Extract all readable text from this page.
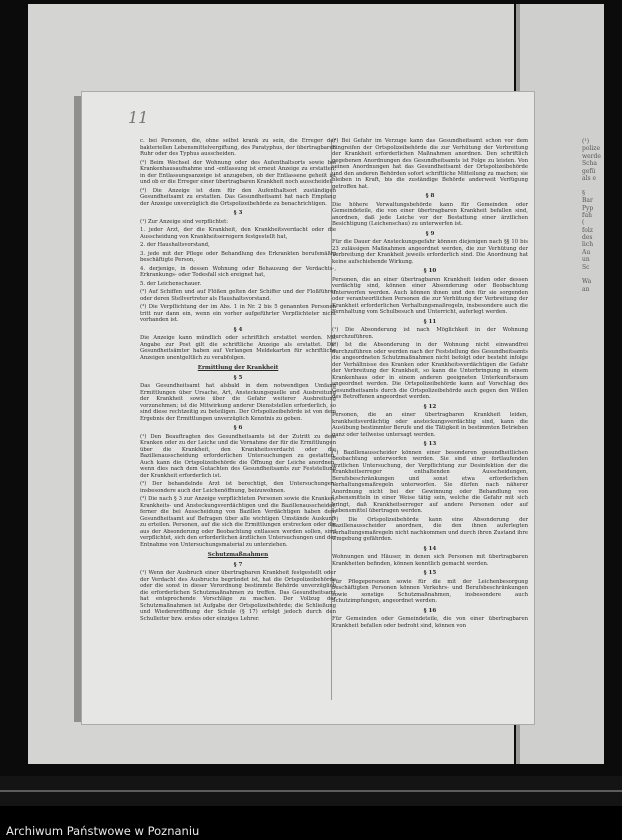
(¹)
polize
werde
Scha
gefü
als e
§
Bar
Pyp
fuh
(
folz
des
lich
Au
un
Sc
Wa
an
11
c. bei Personen, die, ohne selbst krank zu sein, die Erreger der bakteriellen Lebensmittelvergiftung, des Paratyphus, der übertragbaren Ruhr oder des Typhus ausscheiden.
(²) Beim Wechsel der Wohnung oder des Aufenthaltsorts sowie bei Krankenhausaufnahme und -entlassung ist erneut Anzeige zu erstatten; in der Entlassungsanzeige ist anzugeben, ob der Entlassene geheilt ist und ob er die Erreger einer übertragbaren Krankheit noch ausscheidet.
(³) Die Anzeige ist dem für den Aufenthaltsort zuständigen Gesundheitsamt zu erstatten. Das Gesundheitsamt hat nach Empfang der Anzeige unverzüglich die Ortspolizeibehörde zu benachrichtigen.
§ 3
(¹) Zur Anzeige sind verpflichtet:
1. jeder Arzt, der die Krankheit, den Krankheitsverdacht oder die Ausscheidung von Krankheitserregern festgestellt hat,
2. der Haushaltsvorstand,
3. jede mit der Pflege oder Behandlung des Erkrankten berufsmäßig beschäftigte Person,
4. derjenige, in dessen Wohnung oder Behausung der Verdachts-, Erkrankungs- oder Todesfall sich ereignet hat,
5. der Leichenschauer.
(²) Auf Schiffen und auf Flößen gelten der Schiffer und der Floßführer oder deren Stellvertreter als Haushaltsvorstand.
(³) Die Verpflichtung der im Abs. 1 in Nr. 2 bis 5 genannten Personen tritt nur dann ein, wenn ein vorher aufgeführter Verpflichteter nicht vorhanden ist.
§ 4
Die Anzeige kann mündlich oder schriftlich erstattet werden. Mit Angabe zur Post gilt die schriftliche Anzeige als erstattet. Die Gesundheitsämter haben auf Verlangen Meldekarten für schriftliche Anzeigen unentgeltlich zu verabfolgen.
Ermittlung der Krankheit
§ 5
Das Gesundheitsamt hat alsbald in dem notwendigen Umfang Ermittlungen über Ursache, Art, Ansteckungsquelle und Ausbreitung der Krankheit sowie über die Gefahr weiterer Ausbreitung vorzunehmen; ist die Mitwirkung anderer Dienststellen erforderlich, so sind diese rechtzeitig zu beteiligen. Der Ortspolizeibehörde ist von dem Ergebnis der Ermittlungen unverzüglich Kenntnis zu geben.
§ 6
(¹) Den Beauftragten des Gesundheitsamts ist der Zutritt zu dem Kranken oder zu der Leiche und die Vornahme der für die Ermittlungen über die Krankheit, den Krankheitsverdacht oder die Bazillenausscheidung erforderlichen Untersuchungen zu gestatten. Auch kann die Ortspolizeibehörde die Öffnung der Leiche anordnen, wenn dies nach dem Gutachten des Gesundheitsamts zur Feststellung der Krankheit erforderlich ist.
(²) Der behandelnde Arzt ist berechtigt, den Untersuchungen, insbesondere auch der Leichenöffnung, beizuwohnen.
(³) Die nach § 3 zur Anzeige verpflichteten Personen sowie die Kranken, Krankheits- und Ansteckungsverdächtigen und die Bazillenausscheider, ferner die bei Ausscheidung von Bazillen Verdächtigen haben dem Gesundheitsamt auf Befragen über alle wichtigen Umstände Auskunft zu erteilen. Personen, auf die sich die Ermittlungen erstrecken oder die aus der Absonderung oder Beobachtung entlassen werden sollen, sind verpflichtet, sich den erforderlichen ärztlichen Untersuchungen und der Entnahme von Untersuchungsmaterial zu unterziehen.
Schutzmaßnahmen
§ 7
(¹) Wenn der Ausbruch einer übertragbaren Krankheit festgestellt oder der Verdacht des Ausbruchs begründet ist, hat die Ortspolizeibehörde oder die sonst in dieser Verordnung bestimmte Behörde unverzüglich die erforderlichen Schutzmaßnahmen zu treffen. Das Gesundheitsamt hat entsprechende Vorschläge zu machen. Der Vollzug der Schutzmaßnahmen ist Aufgabe der Ortspolizeibehörde; die Schließung und Wiedereröffnung der Schule (§ 17) erfolgt jedoch durch den Schulleiter bzw. erstes oder einziges Lehrer.
(²) Bei Gefahr im Verzuge kann das Gesundheitsamt schon vor dem Eingreifen der Ortspolizeibehörde die zur Verhütung der Verbreitung der Krankheit erforderlichen Maßnahmen anordnen. Den schriftlich gegebenen Anordnungen des Gesundheitsamts ist Folge zu leisten. Von seinen Anordnungen hat das Gesundheitsamt der Ortspolizeibehörde und den anderen Behörden sofort schriftliche Mitteilung zu machen; sie bleiben in Kraft, bis die zuständige Behörde anderweit Verfügung getroffen hat.
§ 8
Die höhere Verwaltungsbehörde kann für Gemeinden oder Gemeindeteile, die von einer übertragbaren Krankheit befallen sind, anordnen, daß jede Leiche vor der Bestattung einer ärztlichen Besichtigung (Leichenschau) zu unterwerfen ist.
§ 9
Für die Dauer der Ansteckungsgefahr können diejenigen nach §§ 10 bis 23 zulässigen Maßnahmen angeordnet werden, die zur Verhütung der Verbreitung der Krankheit jeweils erforderlich sind. Die Anordnung hat keine aufschiebende Wirkung.
§ 10
Personen, die an einer übertragbaren Krankheit leiden oder dessen verdächtig sind, können einer Absonderung oder Beobachtung unterworfen werden. Auch können ihnen und den für sie sorgenden oder verantwortlichen Personen die zur Verhütung der Verbreitung der Krankheit erforderlichen Verhaltungsmaßregeln, insbesondere auch die Fernhaltung vom Schulbesuch und Unterricht, auferlegt werden.
§ 11
(¹) Die Absonderung ist nach Möglichkeit in der Wohnung durchzuführen.
(²) Ist die Absonderung in der Wohnung nicht einwandfrei durchzuführen oder werden nach der Feststellung des Gesundheitsamts die angeordneten Schutzmaßnahmen nicht befolgt oder besteht infolge der Verhältnisse des Kranken oder Krankheitsverdächtigen die Gefahr der Verbreitung der Krankheit, so kann die Unterbringung in einem Krankenhaus oder in einem anderen geeigneten Unterkunftsraum angeordnet werden. Die Ortspolizeibehörde kann auf Vorschlag des Gesundheitsamts durch die Ortspolizeibehörde auch gegen den Willen des Betroffenen angeordnet werden.
§ 12
Personen, die an einer übertragbaren Krankheit leiden, krankheitsverdächtig oder ansteckungsverdächtig sind, kann die Ausübung bestimmter Berufe und die Tätigkeit in bestimmten Betrieben ganz oder teilweise untersagt werden.
§ 13
(¹) Bazillenausscheider können einer besonderen gesundheitlichen Beobachtung unterworfen werden. Sie sind einer fortlaufenden ärztlichen Untersuchung, der Verpflichtung zur Desinfektion der die Krankheitserreger enthaltenden Ausscheidungen, Berufsbeschränkungen und sonst etwa erforderlichen Verhaltungsmaßregeln unterworfen. Sie dürfen nach näherer Anordnung nicht bei der Gewinnung oder Behandlung von Lebensmitteln in einer Weise tätig sein, welche die Gefahr mit sich bringt, daß Krankheitserreger auf andere Personen oder auf Lebensmittel übertragen werden.
(²) Die Ortspolizeibehörde kann eine Absonderung der Bazillenausscheider anordnen, die den ihnen auferlegten Verhaltungsmaßregeln nicht nachkommen und durch ihren Zustand ihre Umgebung gefährden.
§ 14
Wohnungen und Häuser, in denen sich Personen mit übertragbaren Krankheiten befinden, können kenntlich gemacht werden.
§ 15
Für Pflegepersonen sowie für die mit der Leichenbesorgung beschäftigten Personen können Verkehrs- und Berufsbeschränkungen sowie sonstige Schutzmaßnahmen, insbesondere auch Schutzimpfungen, angeordnet werden.
§ 16
Für Gemeinden oder Gemeindeteile, die von einer übertragbaren Krankheit befallen oder bedroht sind, können von
Archiwum Państwowe w Poznaniu
